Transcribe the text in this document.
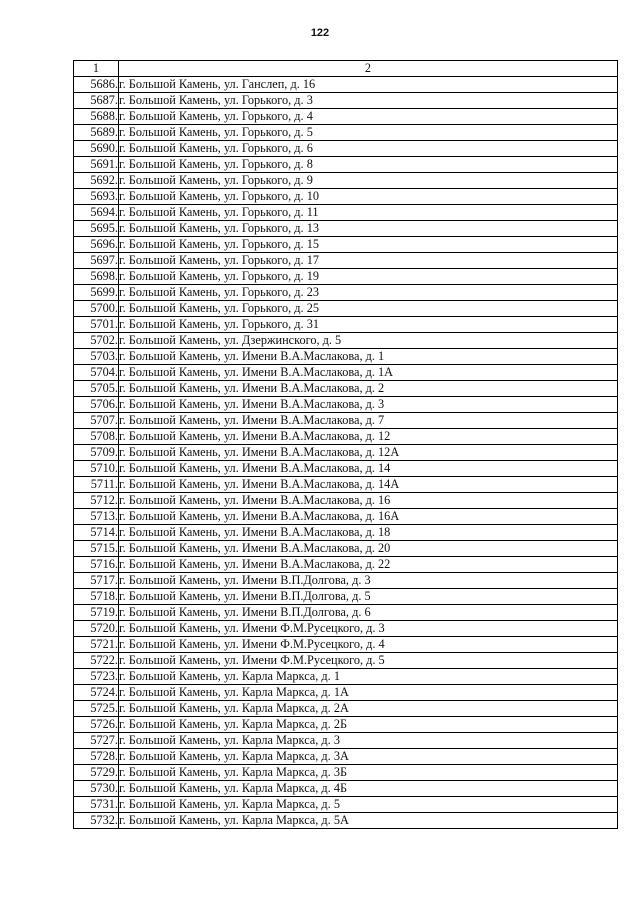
122
1	2
5686.	г. Большой Камень, ул. Ганслеп, д. 16
5687.	г. Большой Камень, ул. Горького, д. 3
5688.	г. Большой Камень, ул. Горького, д. 4
5689.	г. Большой Камень, ул. Горького, д. 5
5690.	г. Большой Камень, ул. Горького, д. 6
5691.	г. Большой Камень, ул. Горького, д. 8
5692.	г. Большой Камень, ул. Горького, д. 9
5693.	г. Большой Камень, ул. Горького, д. 10
5694.	г. Большой Камень, ул. Горького, д. 11
5695.	г. Большой Камень, ул. Горького, д. 13
5696.	г. Большой Камень, ул. Горького, д. 15
5697.	г. Большой Камень, ул. Горького, д. 17
5698.	г. Большой Камень, ул. Горького, д. 19
5699.	г. Большой Камень, ул. Горького, д. 23
5700.	г. Большой Камень, ул. Горького, д. 25
5701.	г. Большой Камень, ул. Горького, д. 31
5702.	г. Большой Камень, ул. Дзержинского, д. 5
5703.	г. Большой Камень, ул. Имени В.А.Маслакова, д. 1
5704.	г. Большой Камень, ул. Имени В.А.Маслакова, д. 1А
5705.	г. Большой Камень, ул. Имени В.А.Маслакова, д. 2
5706.	г. Большой Камень, ул. Имени В.А.Маслакова, д. 3
5707.	г. Большой Камень, ул. Имени В.А.Маслакова, д. 7
5708.	г. Большой Камень, ул. Имени В.А.Маслакова, д. 12
5709.	г. Большой Камень, ул. Имени В.А.Маслакова, д. 12А
5710.	г. Большой Камень, ул. Имени В.А.Маслакова, д. 14
5711.	г. Большой Камень, ул. Имени В.А.Маслакова, д. 14А
5712.	г. Большой Камень, ул. Имени В.А.Маслакова, д. 16
5713.	г. Большой Камень, ул. Имени В.А.Маслакова, д. 16А
5714.	г. Большой Камень, ул. Имени В.А.Маслакова, д. 18
5715.	г. Большой Камень, ул. Имени В.А.Маслакова, д. 20
5716.	г. Большой Камень, ул. Имени В.А.Маслакова, д. 22
5717.	г. Большой Камень, ул. Имени В.П.Долгова, д. 3
5718.	г. Большой Камень, ул. Имени В.П.Долгова, д. 5
5719.	г. Большой Камень, ул. Имени В.П.Долгова, д. 6
5720.	г. Большой Камень, ул. Имени Ф.М.Русецкого, д. 3
5721.	г. Большой Камень, ул. Имени Ф.М.Русецкого, д. 4
5722.	г. Большой Камень, ул. Имени Ф.М.Русецкого, д. 5
5723.	г. Большой Камень, ул. Карла Маркса, д. 1
5724.	г. Большой Камень, ул. Карла Маркса, д. 1А
5725.	г. Большой Камень, ул. Карла Маркса, д. 2А
5726.	г. Большой Камень, ул. Карла Маркса, д. 2Б
5727.	г. Большой Камень, ул. Карла Маркса, д. 3
5728.	г. Большой Камень, ул. Карла Маркса, д. 3А
5729.	г. Большой Камень, ул. Карла Маркса, д. 3Б
5730.	г. Большой Камень, ул. Карла Маркса, д. 4Б
5731.	г. Большой Камень, ул. Карла Маркса, д. 5
5732.	г. Большой Камень, ул. Карла Маркса, д. 5А
